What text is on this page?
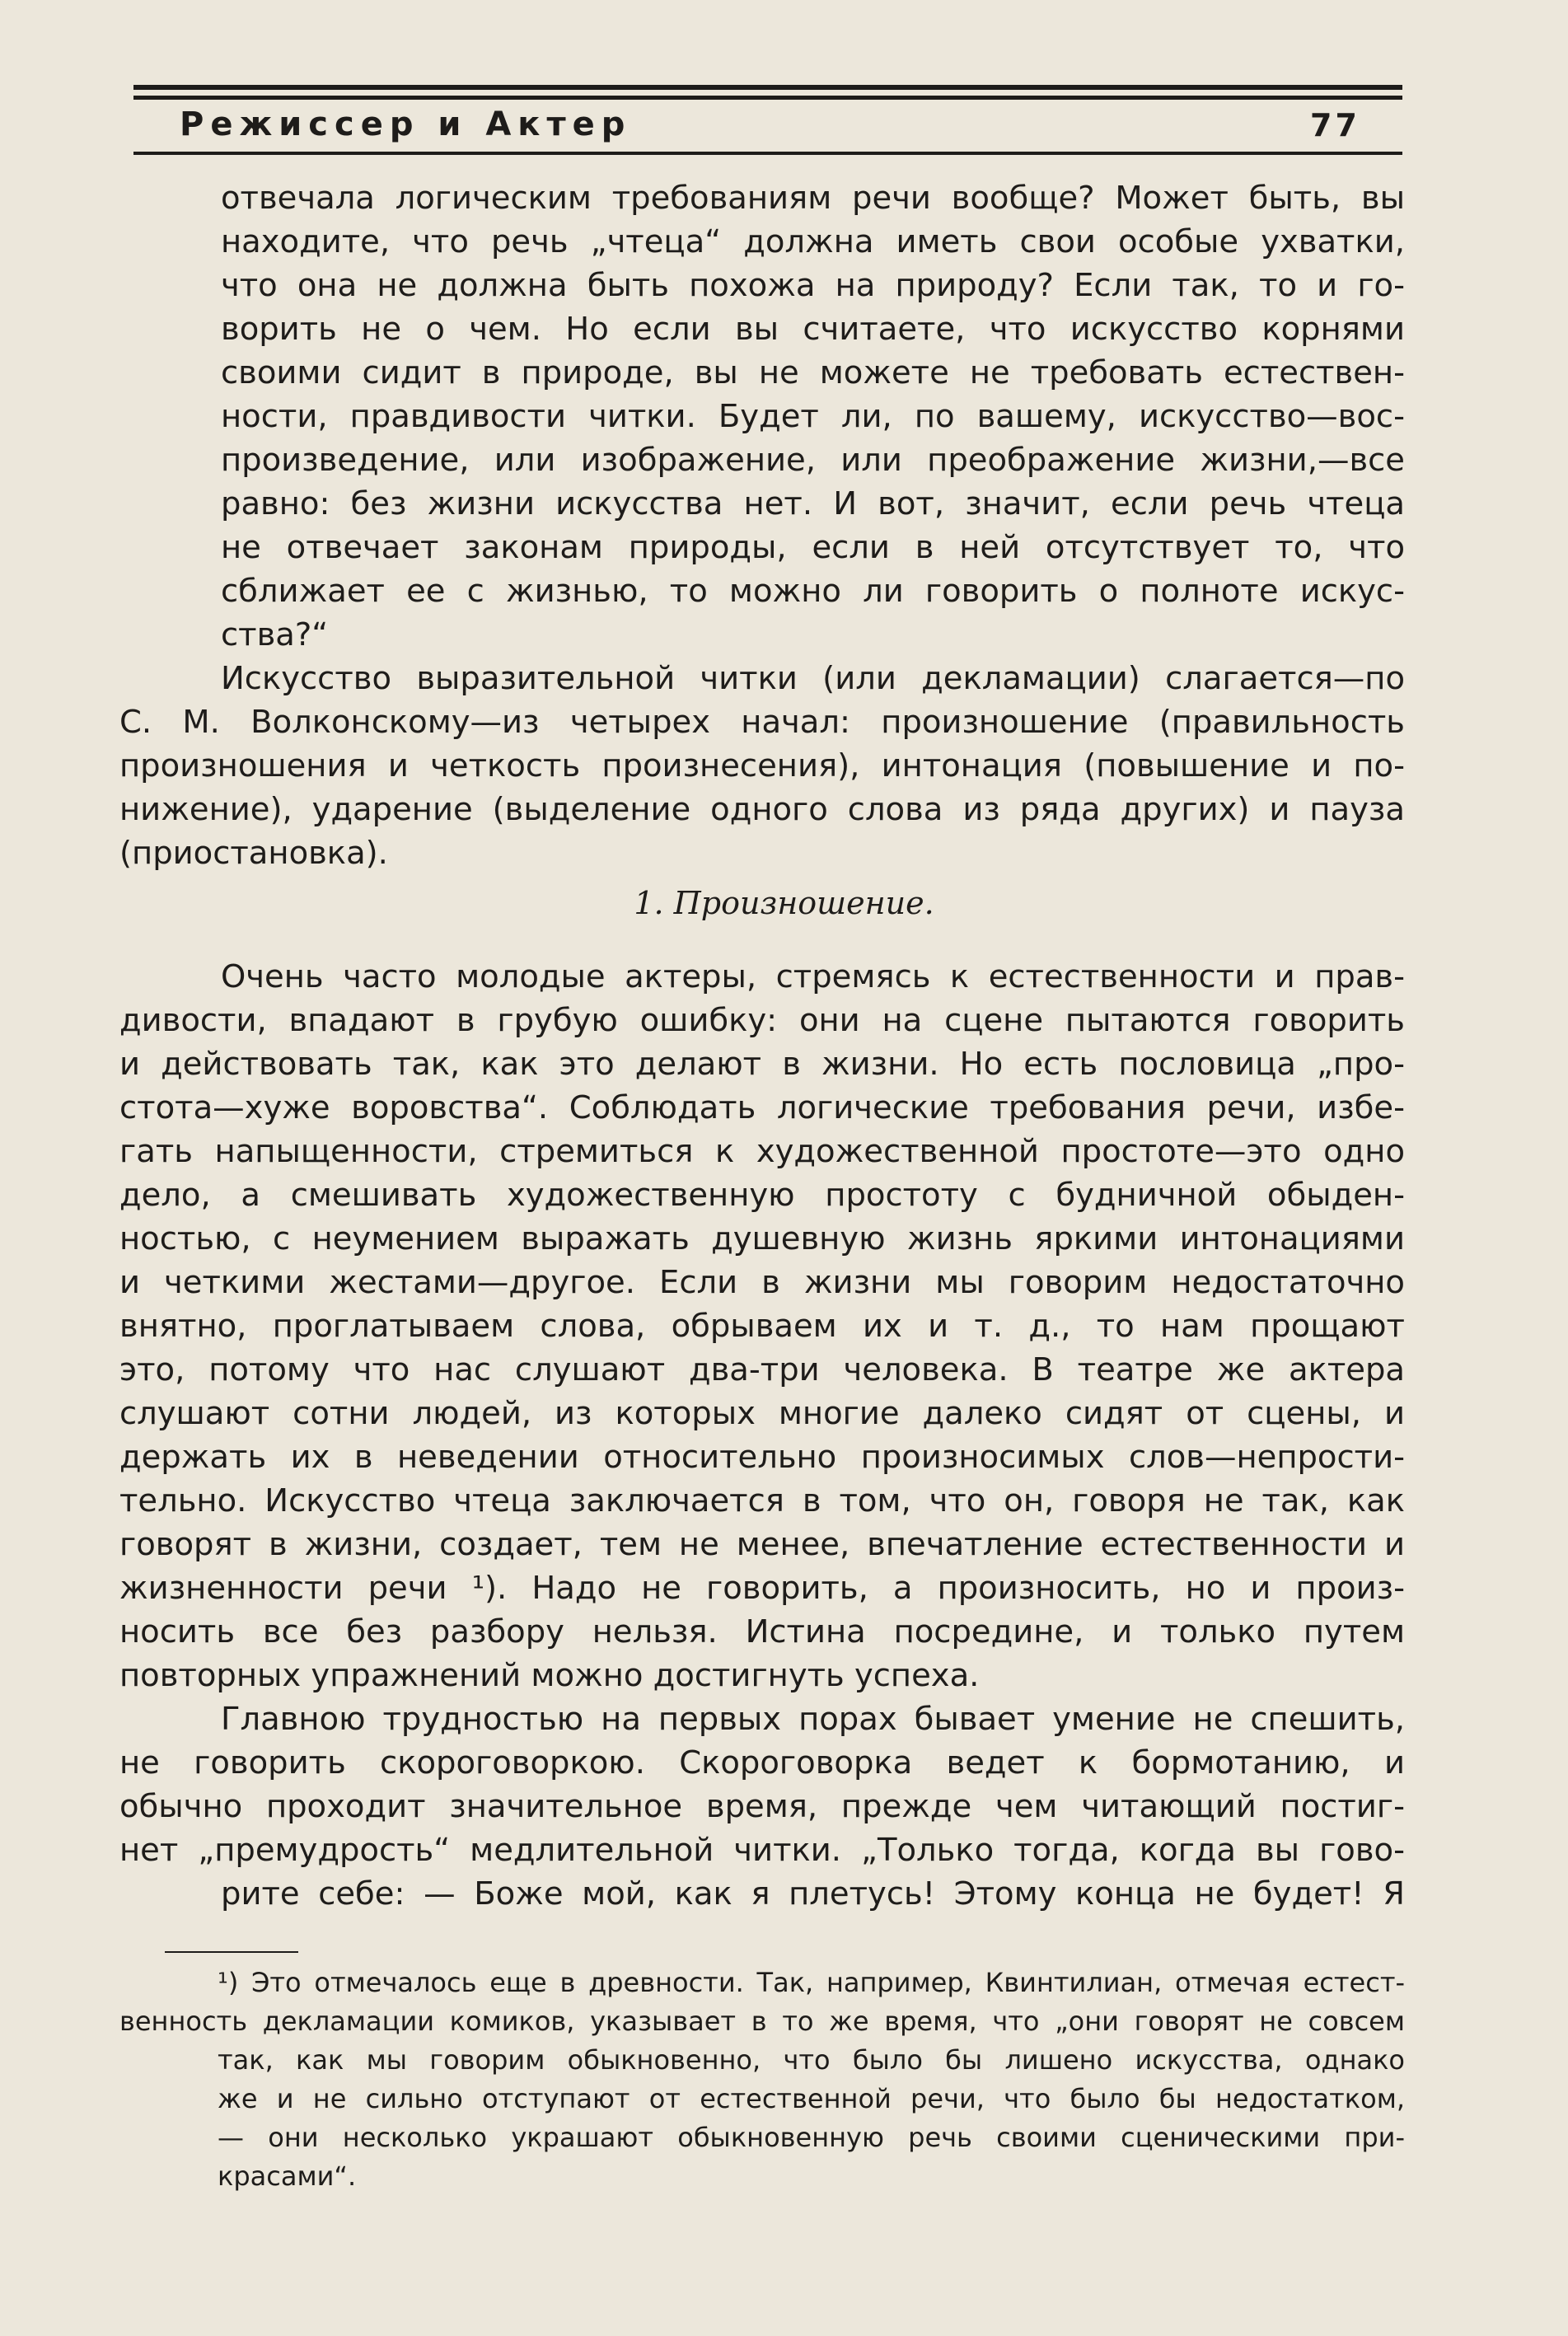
Режиссер и Актер	77
отвечала логическим требованиям речи вообще? Может быть, вы
находите, что речь „чтеца“ должна иметь свои особые ухватки,
что она не должна быть похожа на природу? Если так, то и го-
ворить не о чем. Но если вы считаете, что искусство корнями
своими сидит в природе, вы не можете не требовать естествен-
ности, правдивости читки. Будет ли, по вашему, искусство—вос-
произведение, или изображение, или преображение жизни,—все
равно: без жизни искусства нет. И вот, значит, если речь чтеца
не отвечает законам природы, если в ней отсутствует то, что
сближает ее с жизнью, то можно ли говорить о полноте искус-
ства?“
Искусство выразительной читки (или декламации) слагается—по
С. М. Волконскому—из четырех начал: произношение (правильность
произношения и четкость произнесения), интонация (повышение и по-
нижение), ударение (выделение одного слова из ряда других) и пауза
(приостановка).
1. Произношение.
Очень часто молодые актеры, стремясь к естественности и прав-
дивости, впадают в грубую ошибку: они на сцене пытаются говорить
и действовать так, как это делают в жизни. Но есть пословица „про-
стота—хуже воровства“. Соблюдать логические требования речи, избе-
гать напыщенности, стремиться к художественной простоте—это одно
дело, а смешивать художественную простоту с будничной обыден-
ностью, с неумением выражать душевную жизнь яркими интонациями
и четкими жестами—другое. Если в жизни мы говорим недостаточно
внятно, проглатываем слова, обрываем их и т. д., то нам прощают
это, потому что нас слушают два-три человека. В театре же актера
слушают сотни людей, из которых многие далеко сидят от сцены, и
держать их в неведении относительно произносимых слов—непрости-
тельно. Искусство чтеца заключается в том, что он, говоря не так, как
говорят в жизни, создает, тем не менее, впечатление естественности и
жизненности речи ¹). Надо не говорить, а произносить, но и произ-
носить все без разбору нельзя. Истина посредине, и только путем
повторных упражнений можно достигнуть успеха.
Главною трудностью на первых порах бывает умение не спешить,
не говорить скороговоркою. Скороговорка ведет к бормотанию, и
обычно проходит значительное время, прежде чем читающий постиг-
нет „премудрость“ медлительной читки. „Только тогда, когда вы гово-
рите себе: — Боже мой, как я плетусь! Этому конца не будет! Я
¹) Это отмечалось еще в древности. Так, например, Квинтилиан, отмечая естест-
венность декламации комиков, указывает в то же время, что „они говорят не совсем
так, как мы говорим обыкновенно, что было бы лишено искусства, однако
же и не сильно отступают от естественной речи, что было бы недостатком,
— они несколько украшают обыкновенную речь своими сценическими при-
красами“.
